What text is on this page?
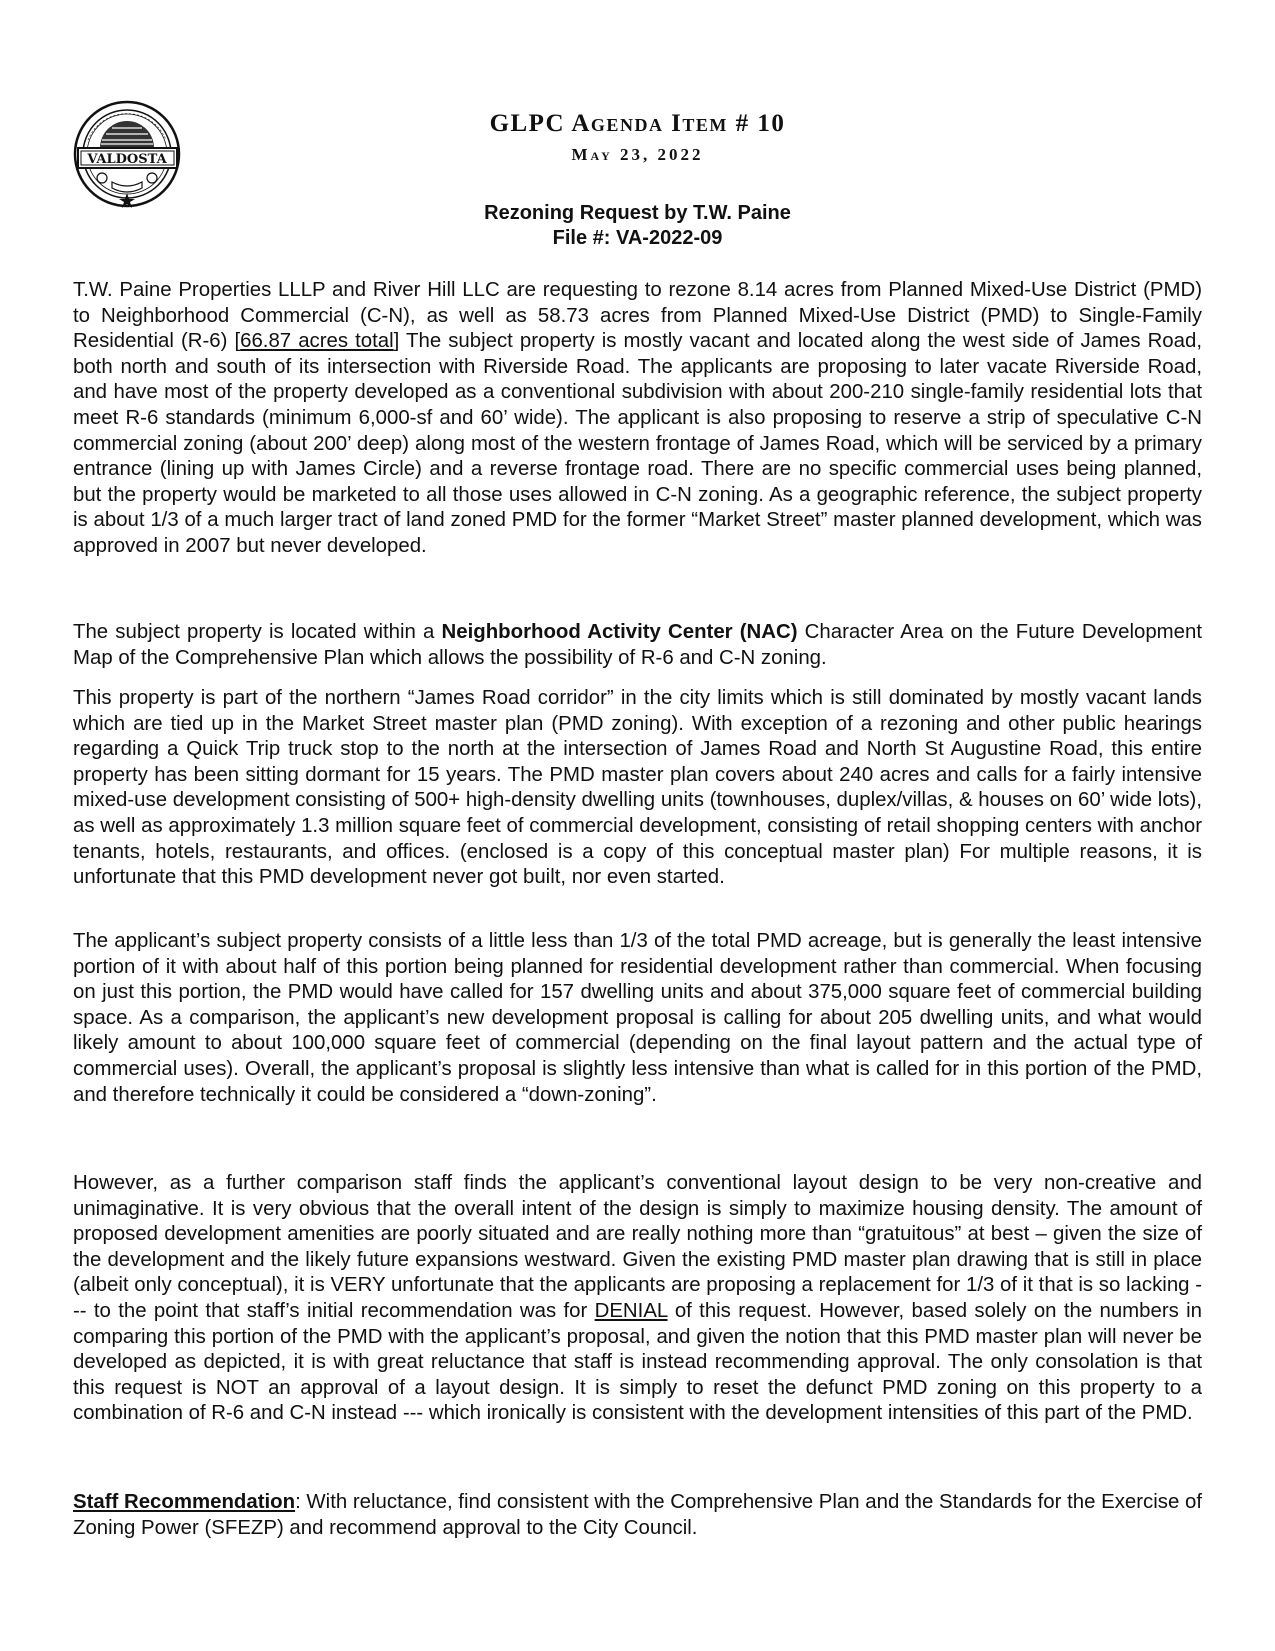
VALDOSTA
GLPC Agenda Item # 10
May 23, 2022
Rezoning Request by T.W. Paine
File #: VA-2022-09

T.W. Paine Properties LLLP and River Hill LLC are requesting to rezone 8.14 acres from Planned Mixed-Use District (PMD) to Neighborhood Commercial (C-N), as well as 58.73 acres from Planned Mixed-Use District (PMD) to Single-Family Residential (R-6) [66.87 acres total] The subject property is mostly vacant and located along the west side of James Road, both north and south of its intersection with Riverside Road. The applicants are proposing to later vacate Riverside Road, and have most of the property developed as a conventional subdivision with about 200-210 single-family residential lots that meet R-6 standards (minimum 6,000-sf and 60’ wide). The applicant is also proposing to reserve a strip of speculative C-N commercial zoning (about 200’ deep) along most of the western frontage of James Road, which will be serviced by a primary entrance (lining up with James Circle) and a reverse frontage road. There are no specific commercial uses being planned, but the property would be marketed to all those uses allowed in C-N zoning. As a geographic reference, the subject property is about 1/3 of a much larger tract of land zoned PMD for the former “Market Street” master planned development, which was approved in 2007 but never developed.

The subject property is located within a Neighborhood Activity Center (NAC) Character Area on the Future Development Map of the Comprehensive Plan which allows the possibility of R-6 and C-N zoning.

This property is part of the northern “James Road corridor” in the city limits which is still dominated by mostly vacant lands which are tied up in the Market Street master plan (PMD zoning). With exception of a rezoning and other public hearings regarding a Quick Trip truck stop to the north at the intersection of James Road and North St Augustine Road, this entire property has been sitting dormant for 15 years. The PMD master plan covers about 240 acres and calls for a fairly intensive mixed-use development consisting of 500+ high-density dwelling units (townhouses, duplex/villas, & houses on 60’ wide lots), as well as approximately 1.3 million square feet of commercial development, consisting of retail shopping centers with anchor tenants, hotels, restaurants, and offices. (enclosed is a copy of this conceptual master plan) For multiple reasons, it is unfortunate that this PMD development never got built, nor even started.

The applicant’s subject property consists of a little less than 1/3 of the total PMD acreage, but is generally the least intensive portion of it with about half of this portion being planned for residential development rather than commercial. When focusing on just this portion, the PMD would have called for 157 dwelling units and about 375,000 square feet of commercial building space. As a comparison, the applicant’s new development proposal is calling for about 205 dwelling units, and what would likely amount to about 100,000 square feet of commercial (depending on the final layout pattern and the actual type of commercial uses). Overall, the applicant’s proposal is slightly less intensive than what is called for in this portion of the PMD, and therefore technically it could be considered a “down-zoning”.

However, as a further comparison staff finds the applicant’s conventional layout design to be very non-creative and unimaginative. It is very obvious that the overall intent of the design is simply to maximize housing density. The amount of proposed development amenities are poorly situated and are really nothing more than “gratuitous” at best – given the size of the development and the likely future expansions westward. Given the existing PMD master plan drawing that is still in place (albeit only conceptual), it is VERY unfortunate that the applicants are proposing a replacement for 1/3 of it that is so lacking --- to the point that staff’s initial recommendation was for DENIAL of this request. However, based solely on the numbers in comparing this portion of the PMD with the applicant’s proposal, and given the notion that this PMD master plan will never be developed as depicted, it is with great reluctance that staff is instead recommending approval. The only consolation is that this request is NOT an approval of a layout design. It is simply to reset the defunct PMD zoning on this property to a combination of R-6 and C-N instead --- which ironically is consistent with the development intensities of this part of the PMD.

Staff Recommendation: With reluctance, find consistent with the Comprehensive Plan and the Standards for the Exercise of Zoning Power (SFEZP) and recommend approval to the City Council.
